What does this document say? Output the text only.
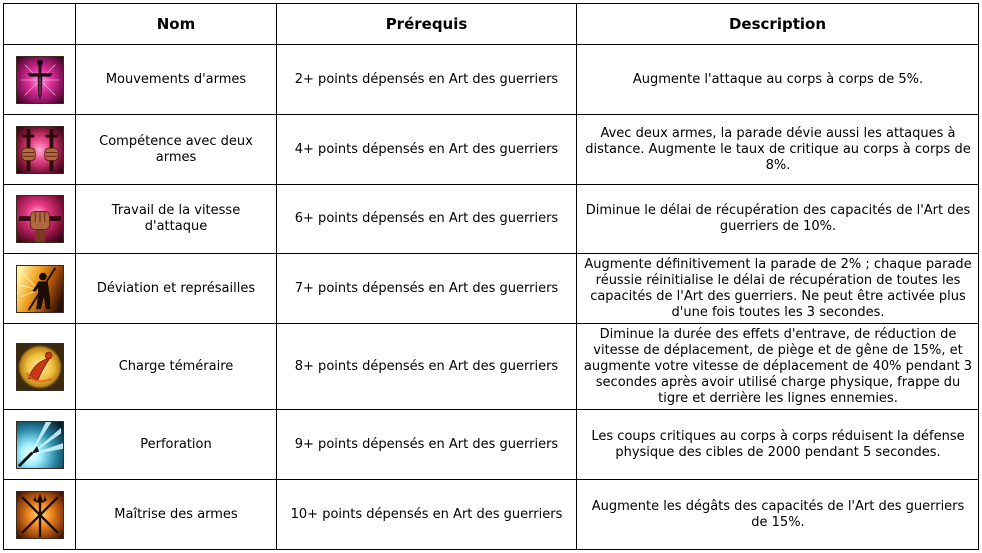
	Nom	Prérequis	Description

	Mouvements d'armes	2+ points dépensés en Art des guerriers	Augmente l'attaque au corps à corps de 5%.

	Compétence avec deux armes	4+ points dépensés en Art des guerriers	Avec deux armes, la parade dévie aussi les attaques à distance. Augmente le taux de critique au corps à corps de 8%.

	Travail de la vitesse d'attaque	6+ points dépensés en Art des guerriers	Diminue le délai de récupération des capacités de l'Art des guerriers de 10%.

	Déviation et représailles	7+ points dépensés en Art des guerriers	Augmente définitivement la parade de 2% ; chaque parade réussie réinitialise le délai de récupération de toutes les capacités de l'Art des guerriers. Ne peut être activée plus d'une fois toutes les 3 secondes.

	Charge téméraire	8+ points dépensés en Art des guerriers	Diminue la durée des effets d'entrave, de réduction de vitesse de déplacement, de piège et de gêne de 15%, et augmente votre vitesse de déplacement de 40% pendant 3 secondes après avoir utilisé charge physique, frappe du tigre et derrière les lignes ennemies.

	Perforation	9+ points dépensés en Art des guerriers	Les coups critiques au corps à corps réduisent la défense physique des cibles de 2000 pendant 5 secondes.

	Maîtrise des armes	10+ points dépensés en Art des guerriers	Augmente les dégâts des capacités de l'Art des guerriers de 15%.
